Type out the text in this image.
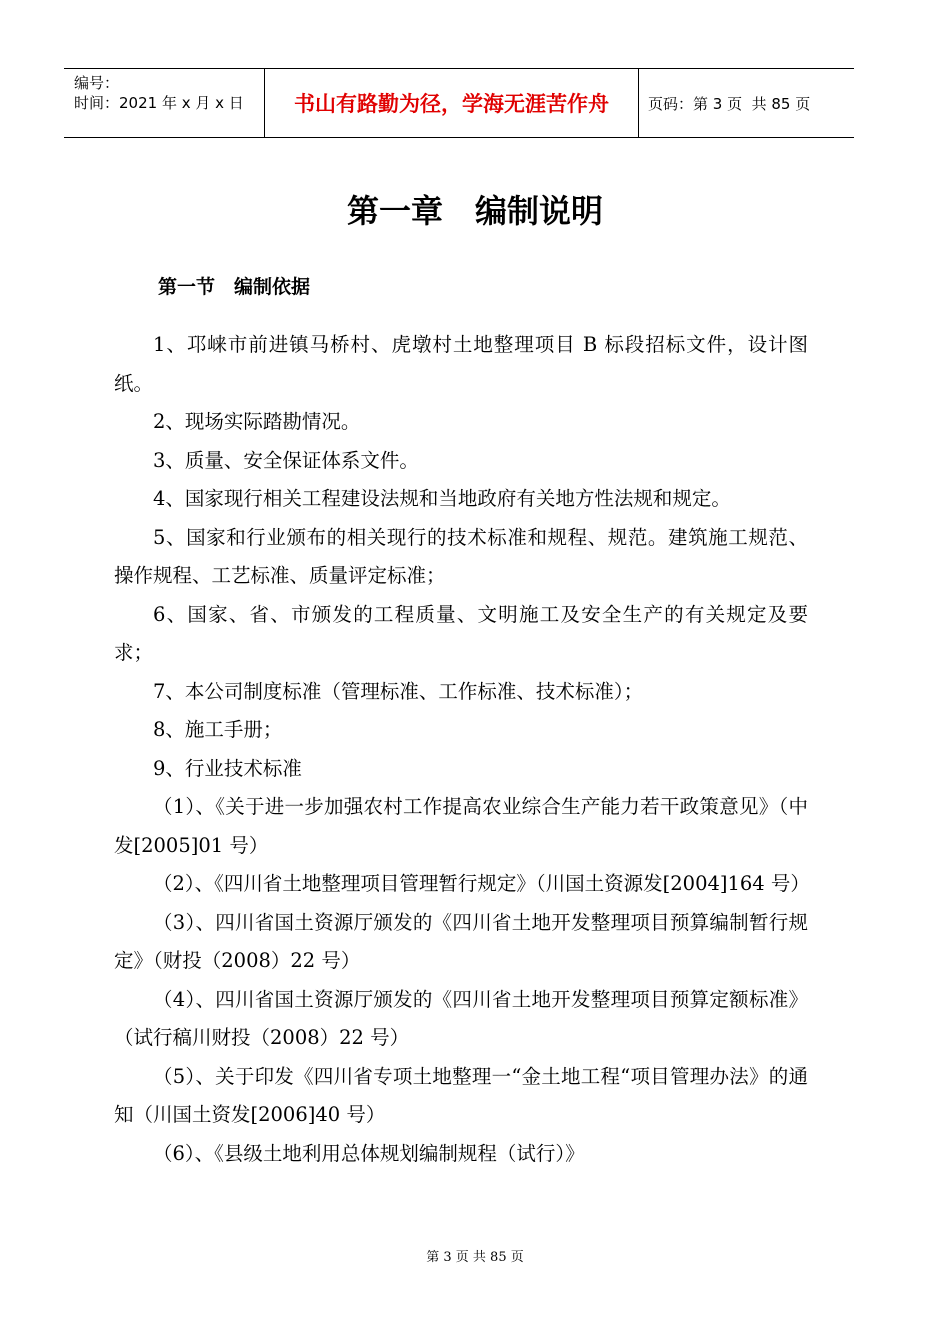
编号：
时间：2021 年 x 月 x 日	书山有路勤为径，学海无涯苦作舟	页码：第 3 页  共 85 页
第一章　编制说明
第一节　编制依据

1、邛崃市前进镇马桥村、虎墩村土地整理项目 B 标段招标文件，设计图纸。

2、现场实际踏勘情况。

3、质量、安全保证体系文件。

4、国家现行相关工程建设法规和当地政府有关地方性法规和规定。

5、国家和行业颁布的相关现行的技术标准和规程、规范。建筑施工规范、操作规程、工艺标准、质量评定标准；

6、国家、省、市颁发的工程质量、文明施工及安全生产的有关规定及要求；

7、本公司制度标准（管理标准、工作标准、技术标准）；

8、施工手册；

9、行业技术标准

（1）、《关于进一步加强农村工作提高农业综合生产能力若干政策意见》（中发[2005]01 号）

（2）、《四川省土地整理项目管理暂行规定》（川国土资源发[2004]164 号）

（3）、四川省国土资源厅颁发的《四川省土地开发整理项目预算编制暂行规定》（财投（2008）22 号）

（4）、四川省国土资源厅颁发的《四川省土地开发整理项目预算定额标准》（试行稿川财投（2008）22 号）

（5）、关于印发《四川省专项土地整理一“金土地工程“项目管理办法》的通知（川国土资发[2006]40 号）

（6）、《县级土地利用总体规划编制规程（试行）》

第 3 页 共 85 页
